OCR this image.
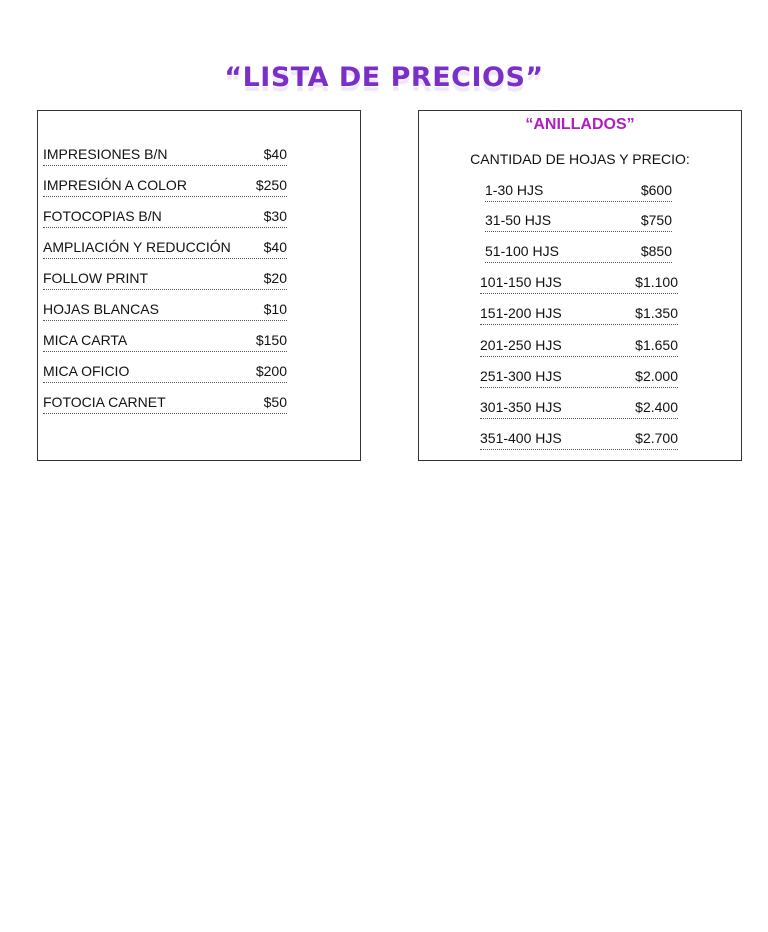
“LISTA DE PRECIOS”
IMPRESIONES B/N	$40
IMPRESIÓN A COLOR	$250
FOTOCOPIAS B/N	$30
AMPLIACIÓN Y REDUCCIÓN $40
FOLLOW PRINT	$20
HOJAS BLANCAS	$10
MICA CARTA	$150
MICA OFICIO	$200
FOTOCIA CARNET	$50
“ANILLADOS”
CANTIDAD DE HOJAS Y PRECIO:
1-30 HJS	$600
31-50 HJS	$750
51-100 HJS	$850
101-150 HJS	$1.100
151-200 HJS	$1.350
201-250 HJS	$1.650
251-300 HJS	$2.000
301-350 HJS	$2.400
351-400 HJS	$2.700
